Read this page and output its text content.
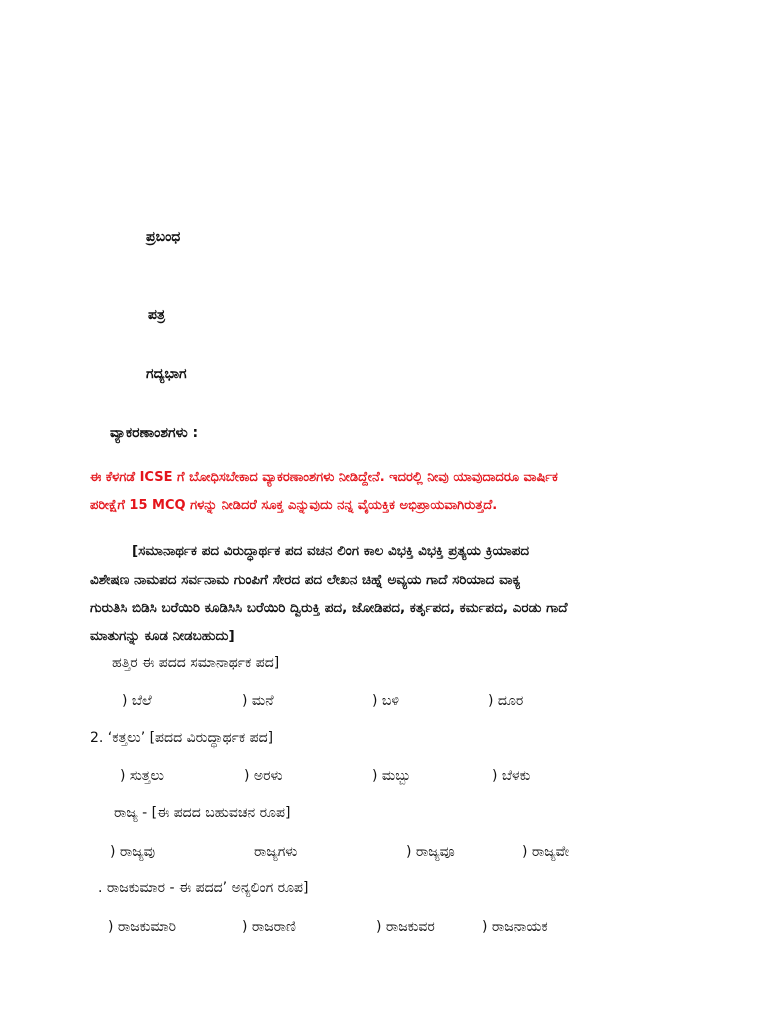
ಪ್ರಬಂಧ
ಪತ್ರ
ಗದ್ಯಭಾಗ
ವ್ಯಾಕರಣಾಂಶಗಳು :
ಈ ಕೆಳಗಡೆ ICSE ಗೆ ಬೋಧಿಸಬೇಕಾದ ವ್ಯಾಕರಣಾಂಶಗಳು ನೀಡಿದ್ದೇನೆ. ಇದರಲ್ಲಿ ನೀವು ಯಾವುದಾದರೂ ವಾರ್ಷಿಕ
ಪರೀಕ್ಷೆಗೆ 15 MCQ ಗಳನ್ನು ನೀಡಿದರೆ ಸೂಕ್ತ ಎನ್ನುವುದು ನನ್ನ ವೈಯಕ್ತಿಕ ಅಭಿಪ್ರಾಯವಾಗಿರುತ್ತದೆ.
[ಸಮಾನಾರ್ಥಕ ಪದ ವಿರುದ್ಧಾರ್ಥಕ ಪದ ವಚನ ಲಿಂಗ ಕಾಲ ವಿಭಕ್ತಿ ವಿಭಕ್ತಿ ಪ್ರತ್ಯಯ ಕ್ರಿಯಾಪದ
ವಿಶೇಷಣ ನಾಮಪದ ಸರ್ವನಾಮ ಗುಂಪಿಗೆ ಸೇರದ ಪದ ಲೇಖನ ಚಿಹ್ನೆ ಅವ್ಯಯ ಗಾದೆ ಸರಿಯಾದ ವಾಕ್ಯ
ಗುರುತಿಸಿ ಬಿಡಿಸಿ ಬರೆಯಿರಿ ಕೂಡಿಸಿಸಿ ಬರೆಯಿರಿ ದ್ವಿರುಕ್ತಿ ಪದ, ಜೋಡಿಪದ, ಕರ್ತೃಪದ, ಕರ್ಮಪದ, ಎರಡು ಗಾದೆ
ಮಾತುಗನ್ನು ಕೂಡ ನೀಡಬಹುದು]
ಹತ್ತಿರ ಈ ಪದದ ಸಮಾನಾರ್ಥಕ ಪದ]
) ಬೆಲೆ	) ಮನೆ	) ಬಳಿ	) ದೂರ
2. ‘ಕತ್ತಲು’ [ಪದದ ವಿರುದ್ಧಾರ್ಥಕ ಪದ]
) ಸುತ್ತಲು	) ಅರಳು	) ಮಬ್ಬು	) ಬೆಳಕು
ರಾಜ್ಯ - [ಈ ಪದದ ಬಹುವಚನ ರೂಪ]
) ರಾಜ್ಯವು	ರಾಜ್ಯಗಳು	) ರಾಜ್ಯವೂ	) ರಾಜ್ಯವೇ
. ರಾಜಕುಮಾರ - ಈ ಪದದ’ ಅನ್ಯಲಿಂಗ ರೂಪ]
) ರಾಜಕುಮಾರಿ	) ರಾಜರಾಣಿ	) ರಾಜಕುವರ	) ರಾಜನಾಯಕ
